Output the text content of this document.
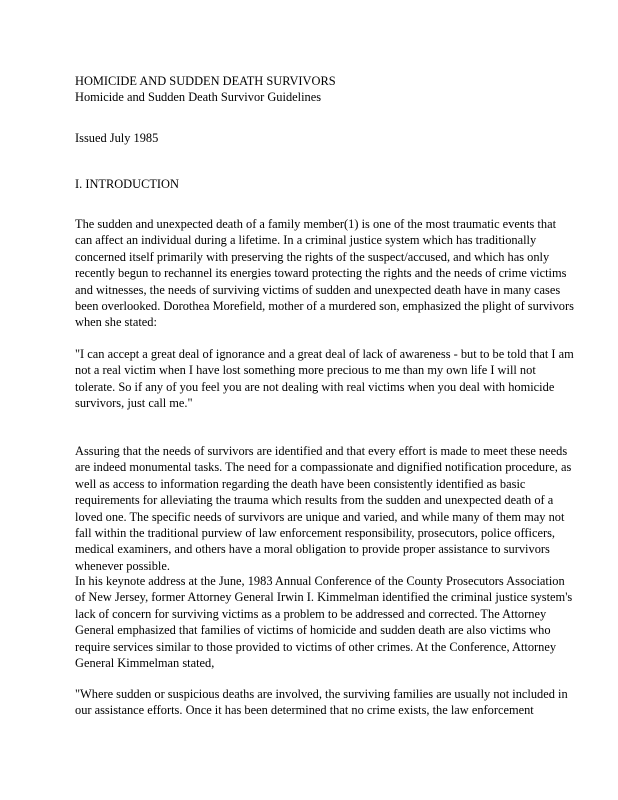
HOMICIDE AND SUDDEN DEATH SURVIVORS

Homicide and Sudden Death Survivor Guidelines

Issued July 1985

I. INTRODUCTION

The sudden and unexpected death of a family member(1) is one of the most traumatic events that can affect an individual during a lifetime. In a criminal justice system which has traditionally concerned itself primarily with preserving the rights of the suspect/accused, and which has only recently begun to rechannel its energies toward protecting the rights and the needs of crime victims and witnesses, the needs of surviving victims of sudden and unexpected death have in many cases been overlooked. Dorothea Morefield, mother of a murdered son, emphasized the plight of survivors when she stated:

"I can accept a great deal of ignorance and a great deal of lack of awareness - but to be told that I am not a real victim when I have lost something more precious to me than my own life I will not tolerate. So if any of you feel you are not dealing with real victims when you deal with homicide survivors, just call me."

Assuring that the needs of survivors are identified and that every effort is made to meet these needs are indeed monumental tasks. The need for a compassionate and dignified notification procedure, as well as access to information regarding the death have been consistently identified as basic requirements for alleviating the trauma which results from the sudden and unexpected death of a loved one. The specific needs of survivors are unique and varied, and while many of them may not fall within the traditional purview of law enforcement responsibility, prosecutors, police officers, medical examiners, and others have a moral obligation to provide proper assistance to survivors whenever possible.

In his keynote address at the June, 1983 Annual Conference of the County Prosecutors Association of New Jersey, former Attorney General Irwin I. Kimmelman identified the criminal justice system's lack of concern for surviving victims as a problem to be addressed and corrected. The Attorney General emphasized that families of victims of homicide and sudden death are also victims who require services similar to those provided to victims of other crimes. At the Conference, Attorney General Kimmelman stated,

"Where sudden or suspicious deaths are involved, the surviving families are usually not included in our assistance efforts. Once it has been determined that no crime exists, the law enforcement
